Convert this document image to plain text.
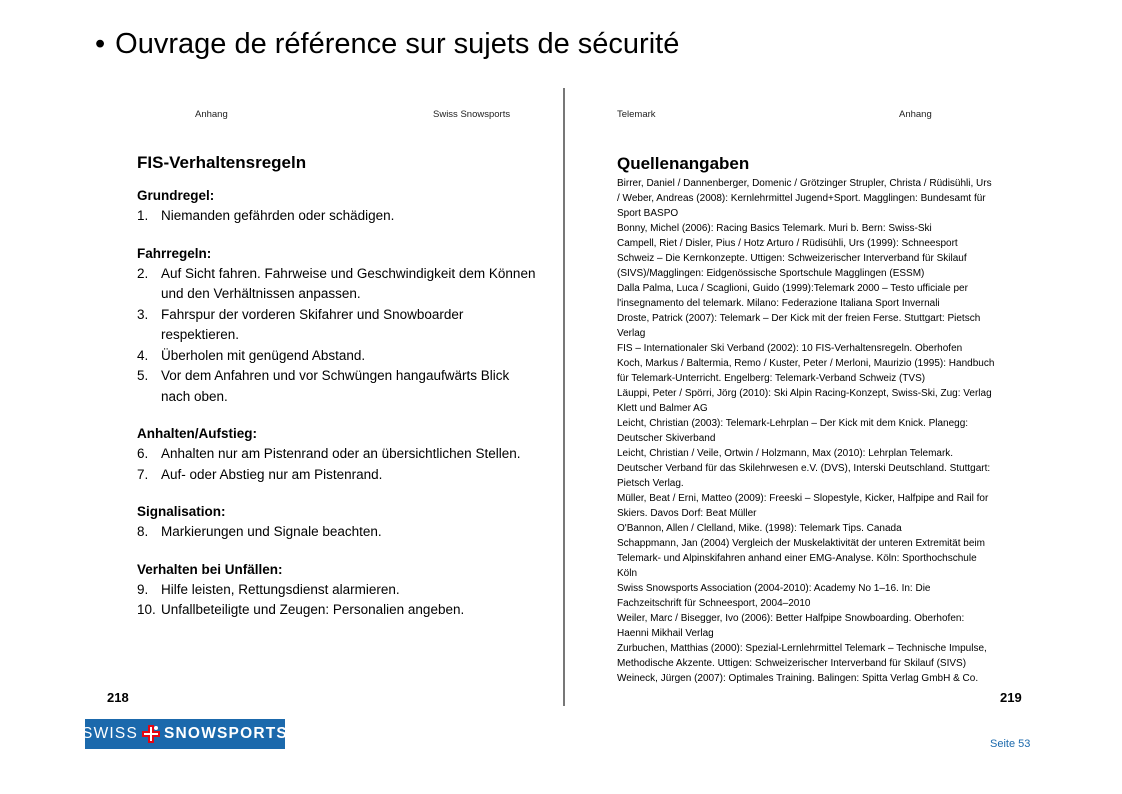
• Ouvrage de référence sur sujets de sécurité
Anhang	Swiss Snowsports	Telemark	Anhang
FIS-Verhaltensregeln
Grundregel:
1. Niemanden gefährden oder schädigen.
Fahrregeln:
2. Auf Sicht fahren. Fahrweise und Geschwindigkeit dem Können und den Verhältnissen anpassen.
3. Fahrspur der vorderen Skifahrer und Snowboarder respektieren.
4. Überholen mit genügend Abstand.
5. Vor dem Anfahren und vor Schwüngen hangaufwärts Blick nach oben.
Anhalten/Aufstieg:
6. Anhalten nur am Pistenrand oder an übersichtlichen Stellen.
7. Auf- oder Abstieg nur am Pistenrand.
Signalisation:
8. Markierungen und Signale beachten.
Verhalten bei Unfällen:
9. Hilfe leisten, Rettungsdienst alarmieren.
10. Unfallbeteiligte und Zeugen: Personalien angeben.
Quellenangaben
Birrer, Daniel / Dannenberger, Domenic / Grötzinger Strupler, Christa / Rüdisühli, Urs / Weber, Andreas (2008): Kernlehrmittel Jugend+Sport. Magglingen: Bundesamt für Sport BASPO
Bonny, Michel (2006): Racing Basics Telemark. Muri b. Bern: Swiss-Ski
Campell, Riet / Disler, Pius / Hotz Arturo / Rüdisühli, Urs (1999): Schneesport Schweiz – Die Kernkonzepte. Uttigen: Schweizerischer Interverband für Skilauf (SIVS)/Magglingen: Eidgenössische Sportschule Magglingen (ESSM)
Dalla Palma, Luca / Scaglioni, Guido (1999):Telemark 2000 – Testo ufficiale per l'insegnamento del telemark. Milano: Federazione Italiana Sport Invernali
Droste, Patrick (2007): Telemark – Der Kick mit der freien Ferse. Stuttgart: Pietsch Verlag
FIS – Internationaler Ski Verband (2002): 10 FIS-Verhaltensregeln. Oberhofen
Koch, Markus / Baltermia, Remo / Kuster, Peter / Merloni, Maurizio (1995): Handbuch für Telemark-Unterricht. Engelberg: Telemark-Verband Schweiz (TVS)
Läuppi, Peter / Spörri, Jörg (2010): Ski Alpin Racing-Konzept, Swiss-Ski, Zug: Verlag Klett und Balmer AG
Leicht, Christian (2003): Telemark-Lehrplan – Der Kick mit dem Knick. Planegg: Deutscher Skiverband
Leicht, Christian / Veile, Ortwin / Holzmann, Max (2010): Lehrplan Telemark. Deutscher Verband für das Skilehrwesen e.V. (DVS), Interski Deutschland. Stuttgart: Pietsch Verlag.
Müller, Beat / Erni, Matteo (2009): Freeski – Slopestyle, Kicker, Halfpipe and Rail for Skiers. Davos Dorf: Beat Müller
O'Bannon, Allen / Clelland, Mike. (1998): Telemark Tips. Canada
Schappmann, Jan (2004) Vergleich der Muskelaktivität der unteren Extremität beim Telemark- und Alpinskifahren anhand einer EMG-Analyse. Köln: Sporthochschule Köln
Swiss Snowsports Association (2004-2010): Academy No 1–16. In: Die Fachzeitschrift für Schneesport, 2004–2010
Weiler, Marc / Bisegger, Ivo (2006): Better Halfpipe Snowboarding. Oberhofen: Haenni Mikhail Verlag
Zurbuchen, Matthias (2000): Spezial-Lernlehrmittel Telemark – Technische Impulse, Methodische Akzente. Uttigen: Schweizerischer Interverband für Skilauf (SIVS)
Weineck, Jürgen (2007): Optimales Training. Balingen: Spitta Verlag GmbH & Co.
218	219
SWISS SNOWSPORTS
Seite 53
